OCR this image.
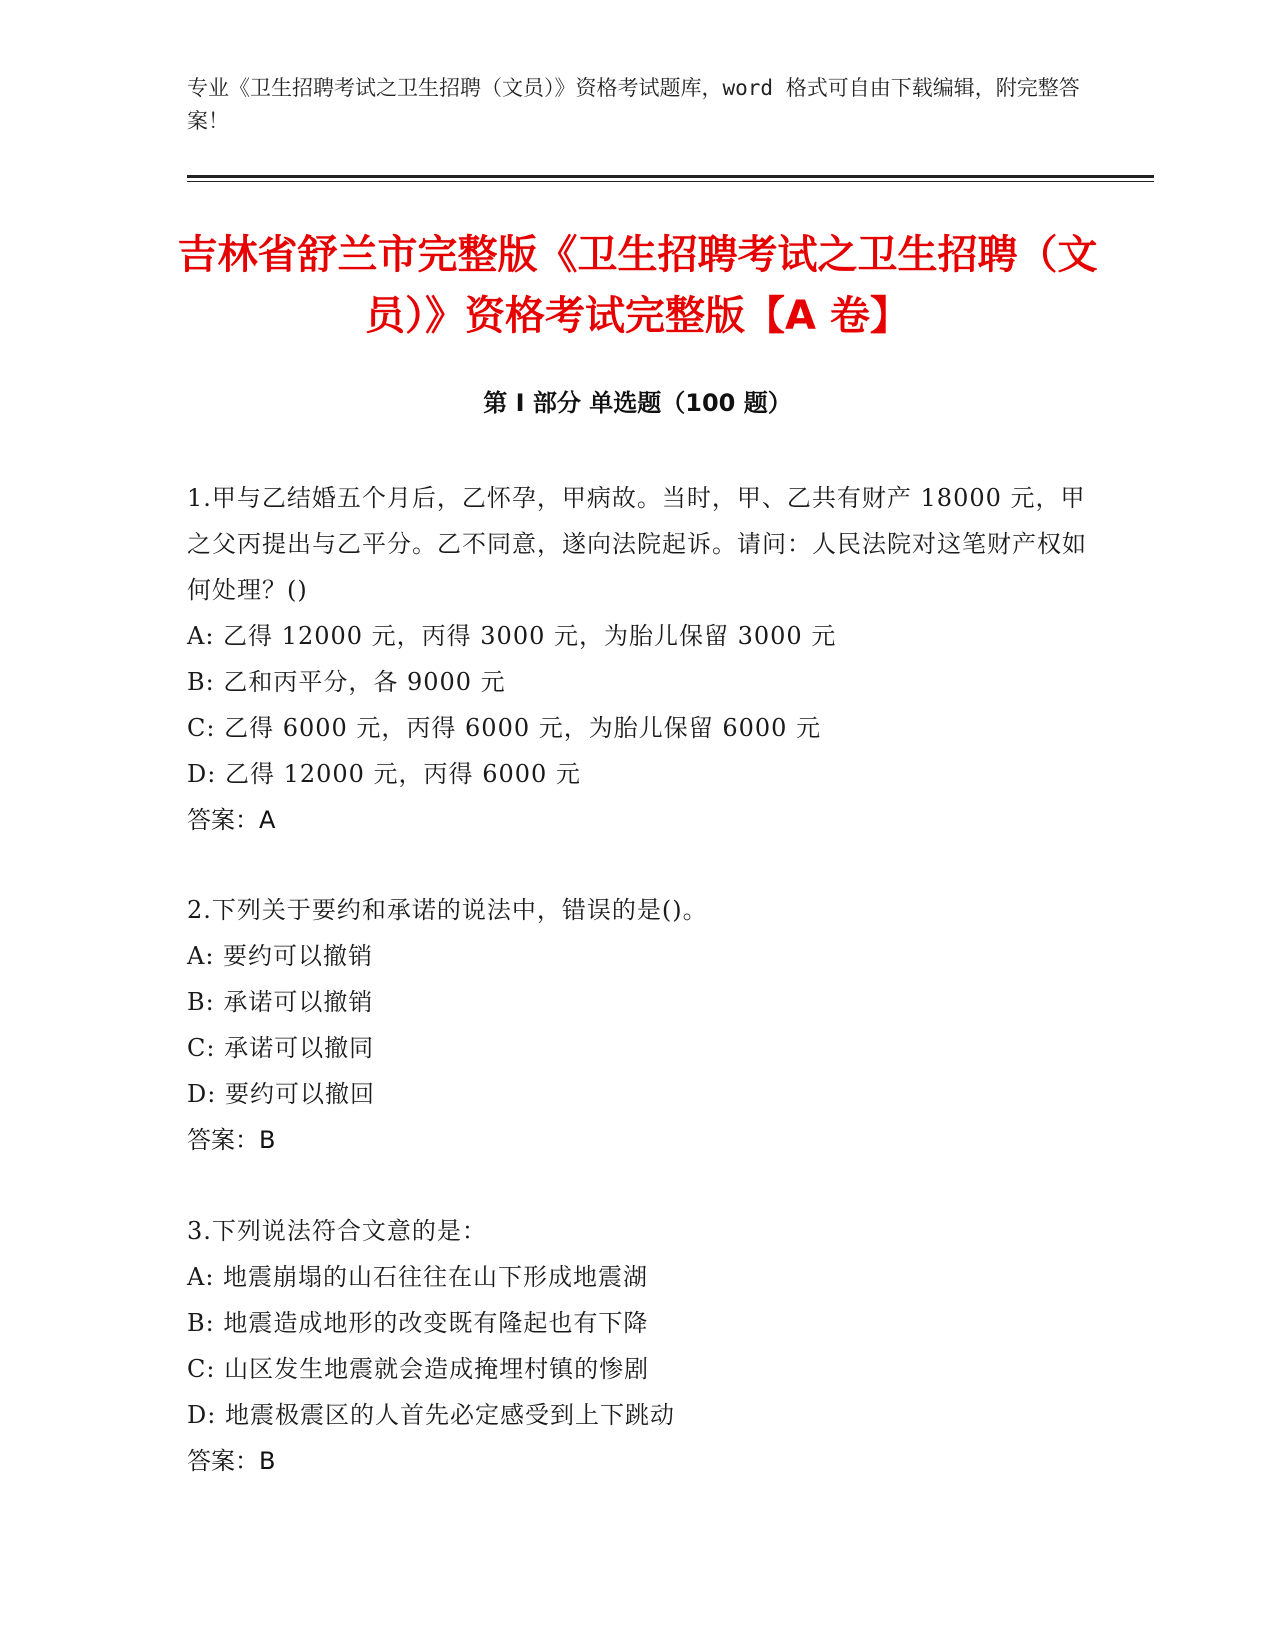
专业《卫生招聘考试之卫生招聘（文员）》资格考试题库，word 格式可自由下载编辑，附完整答案！

吉林省舒兰市完整版《卫生招聘考试之卫生招聘（文员）》资格考试完整版【A 卷】
第 I 部分 单选题（100 题）

1.甲与乙结婚五个月后，乙怀孕，甲病故。当时，甲、乙共有财产 18000 元，甲之父丙提出与乙平分。乙不同意，遂向法院起诉。请问：人民法院对这笔财产权如何处理？()

A: 乙得 12000 元，丙得 3000 元，为胎儿保留 3000 元

B: 乙和丙平分，各 9000 元

C: 乙得 6000 元，丙得 6000 元，为胎儿保留 6000 元

D: 乙得 12000 元，丙得 6000 元

答案：A

2.下列关于要约和承诺的说法中，错误的是()。

A: 要约可以撤销

B: 承诺可以撤销

C: 承诺可以撤同

D: 要约可以撤回

答案：B

3.下列说法符合文意的是：

A: 地震崩塌的山石往往在山下形成地震湖

B: 地震造成地形的改变既有隆起也有下降

C: 山区发生地震就会造成掩埋村镇的惨剧

D: 地震极震区的人首先必定感受到上下跳动

答案：B
